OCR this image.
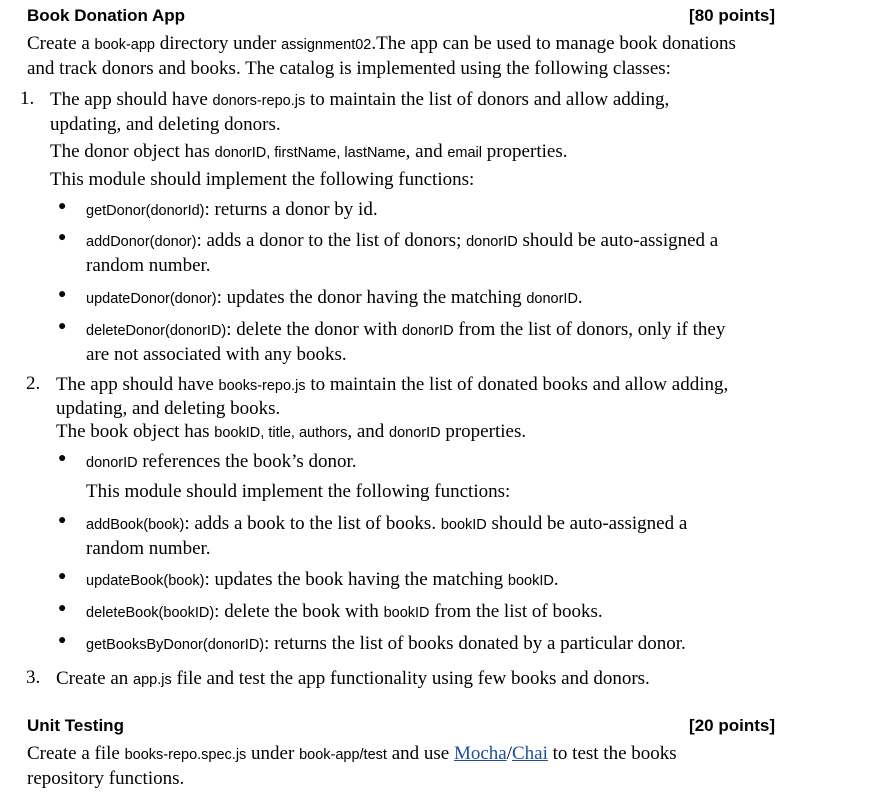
Book Donation App	[80 points]
Create a book-app directory under assignment02.The app can be used to manage book donations
and track donors and books. The catalog is implemented using the following classes:
1. The app should have donors-repo.js to maintain the list of donors and allow adding,
updating, and deleting donors.
The donor object has donorID, firstName, lastName, and email properties.
This module should implement the following functions:
● getDonor(donorId): returns a donor by id.
● addDonor(donor): adds a donor to the list of donors; donorID should be auto-assigned a
random number.
● updateDonor(donor): updates the donor having the matching donorID.
● deleteDonor(donorID): delete the donor with donorID from the list of donors, only if they
are not associated with any books.
2. The app should have books-repo.js to maintain the list of donated books and allow adding,
updating, and deleting books.
The book object has bookID, title, authors, and donorID properties.
● donorID references the book’s donor.
This module should implement the following functions:
● addBook(book): adds a book to the list of books. bookID should be auto-assigned a
random number.
● updateBook(book): updates the book having the matching bookID.
● deleteBook(bookID): delete the book with bookID from the list of books.
● getBooksByDonor(donorID): returns the list of books donated by a particular donor.
3. Create an app.js file and test the app functionality using few books and donors.
Unit Testing	[20 points]
Create a file books-repo.spec.js under book-app/test and use Mocha/Chai to test the books
repository functions.
